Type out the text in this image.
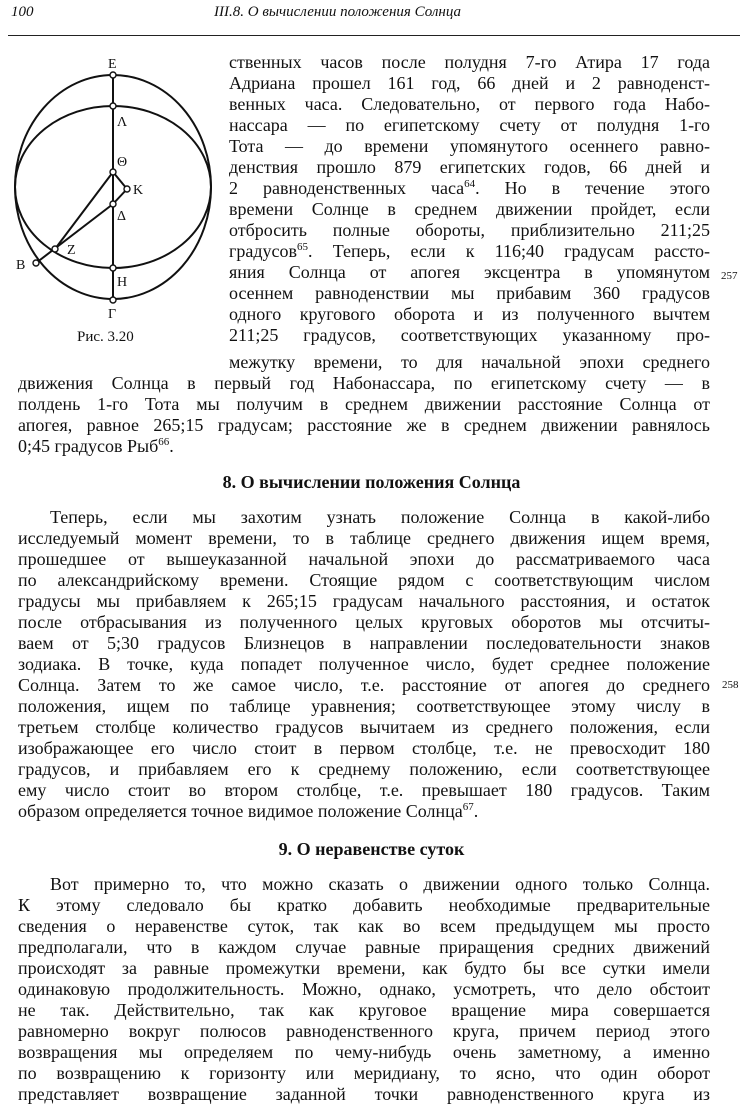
100	III.8. О вычислении положения Солнца
E
Λ
Θ
K
Δ
Z
B
H
Γ
Рис. 3.20
ственных часов после полудня 7-го Атира 17 года
Адриана прошел 161 год, 66 дней и 2 равноденст-
венных часа. Следовательно, от первого года Набо-
нассара — по египетскому счету от полудня 1-го
Тота — до времени упомянутого осеннего равно-
денствия прошло 879 египетских годов, 66 дней и
2 равноденственных часа$^{64}$. Но в течение этого
времени Солнце в среднем движении пройдет, если
отбросить полные обороты, приблизительно 211;25
градусов$^{65}$. Теперь, если к 116;40 градусам рассто-
яния Солнца от апогея эксцентра в упомянутом
осеннем равноденствии мы прибавим 360 градусов
одного кругового оборота и из полученного вычтем
211;25 градусов, соответствующих указанному про-
257
межутку времени, то для начальной эпохи среднего
движения Солнца в первый год Набонассара, по египетскому счету — в
полдень 1-го Тота мы получим в среднем движении расстояние Солнца от
апогея, равное 265;15 градусам; расстояние же в среднем движении равнялось
0;45 градусов Рыб$^{66}$.
8. О вычислении положения Солнца
Теперь, если мы захотим узнать положение Солнца в какой-либо
исследуемый момент времени, то в таблице среднего движения ищем время,
прошедшее от вышеуказанной начальной эпохи до рассматриваемого часа
по александрийскому времени. Стоящие рядом с соответствующим числом
градусы мы прибавляем к 265;15 градусам начального расстояния, и остаток
после отбрасывания из полученного целых круговых оборотов мы отсчиты-
ваем от 5;30 градусов Близнецов в направлении последовательности знаков
зодиака. В точке, куда попадет полученное число, будет среднее положение
Солнца. Затем то же самое число, т.е. расстояние от апогея до среднего
положения, ищем по таблице уравнения; соответствующее этому числу в
третьем столбце количество градусов вычитаем из среднего положения, если
изображающее его число стоит в первом столбце, т.е. не превосходит 180
градусов, и прибавляем его к среднему положению, если соответствующее
ему число стоит во втором столбце, т.е. превышает 180 градусов. Таким
образом определяется точное видимое положение Солнца$^{67}$.
258
9. О неравенстве суток
Вот примерно то, что можно сказать о движении одного только Солнца.
К этому следовало бы кратко добавить необходимые предварительные
сведения о неравенстве суток, так как во всем предыдущем мы просто
предполагали, что в каждом случае равные приращения средних движений
происходят за равные промежутки времени, как будто бы все сутки имели
одинаковую продолжительность. Можно, однако, усмотреть, что дело обстоит
не так. Действительно, так как круговое вращение мира совершается
равномерно вокруг полюсов равноденственного круга, причем период этого
возвращения мы определяем по чему-нибудь очень заметному, а именно
по возвращению к горизонту или меридиану, то ясно, что один оборот
представляет возвращение заданной точки равноденственного круга из
